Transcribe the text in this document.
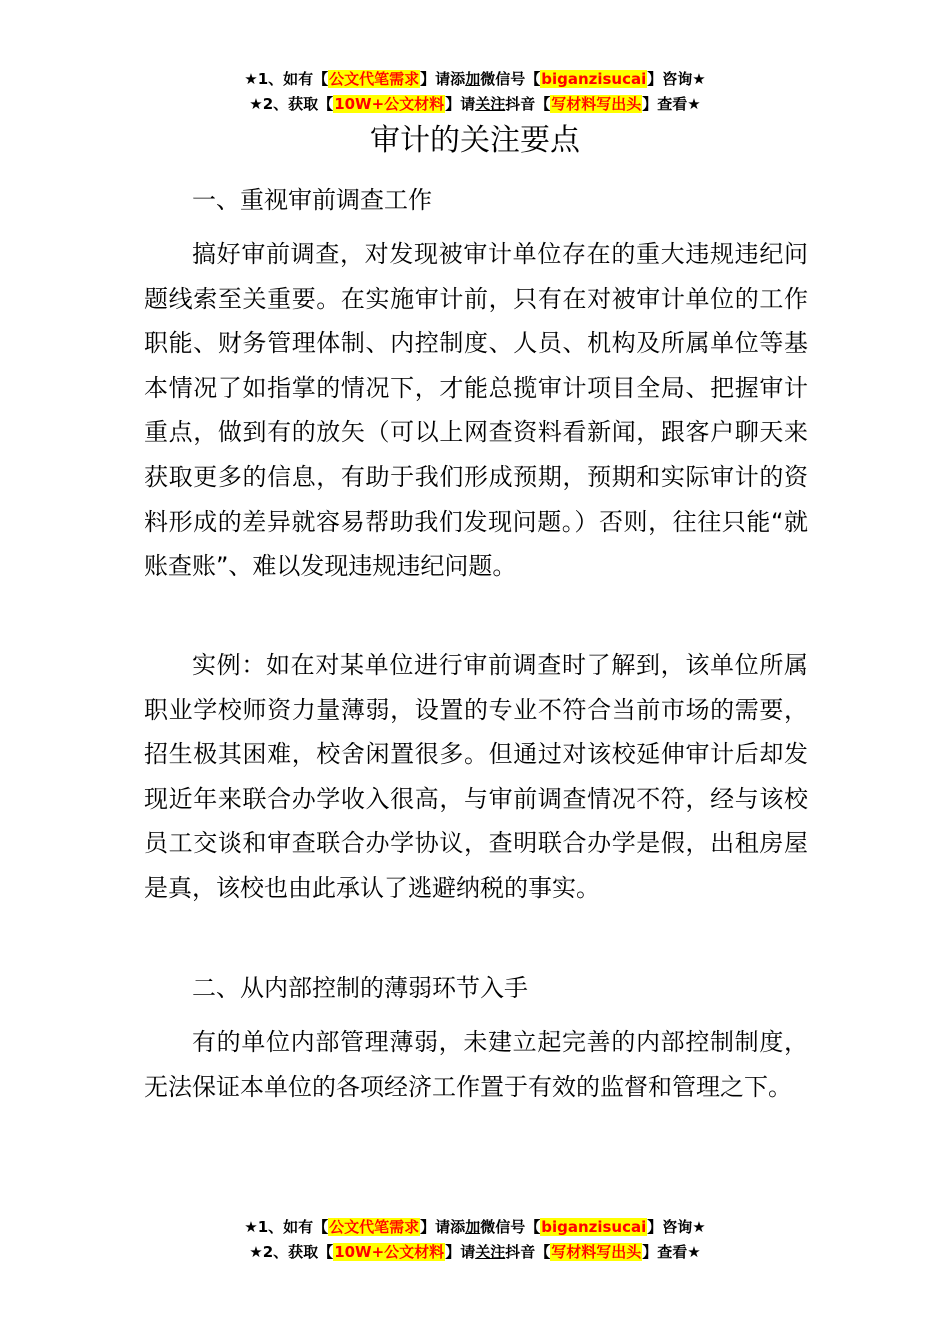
★1、如有【公文代笔需求】请添加微信号【biganzisucai】咨询★
★2、获取【10W+公文材料】请关注抖音【写材料写出头】查看★
审计的关注要点

一、重视审前调查工作

搞好审前调查，对发现被审计单位存在的重大违规违纪问题线索至关重要。在实施审计前，只有在对被审计单位的工作职能、财务管理体制、内控制度、人员、机构及所属单位等基本情况了如指掌的情况下，才能总揽审计项目全局、把握审计重点，做到有的放矢（可以上网查资料看新闻，跟客户聊天来获取更多的信息，有助于我们形成预期，预期和实际审计的资料形成的差异就容易帮助我们发现问题。）否则，往往只能“就账查账”、难以发现违规违纪问题。

实例：如在对某单位进行审前调查时了解到，该单位所属职业学校师资力量薄弱，设置的专业不符合当前市场的需要，招生极其困难，校舍闲置很多。但通过对该校延伸审计后却发现近年来联合办学收入很高，与审前调查情况不符，经与该校员工交谈和审查联合办学协议，查明联合办学是假，出租房屋是真，该校也由此承认了逃避纳税的事实。

二、从内部控制的薄弱环节入手

有的单位内部管理薄弱，未建立起完善的内部控制制度，无法保证本单位的各项经济工作置于有效的监督和管理之下。

★1、如有【公文代笔需求】请添加微信号【biganzisucai】咨询★
★2、获取【10W+公文材料】请关注抖音【写材料写出头】查看★
